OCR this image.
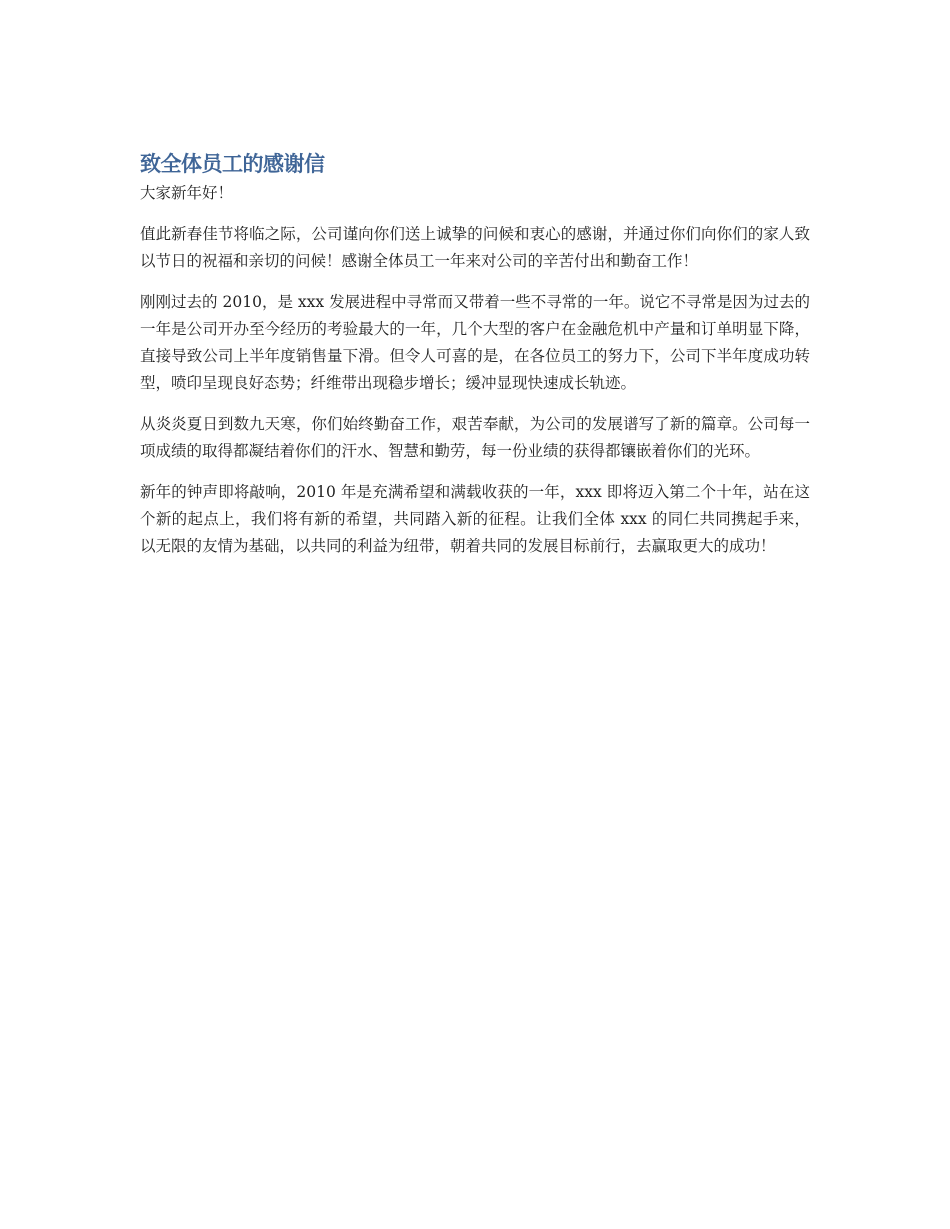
致全体员工的感谢信

大家新年好！

值此新春佳节将临之际，公司谨向你们送上诚挚的问候和衷心的感谢，并通过你们向你们的家人致以节日的祝福和亲切的问候！感谢全体员工一年来对公司的辛苦付出和勤奋工作！

刚刚过去的 2010，是 xxx 发展进程中寻常而又带着一些不寻常的一年。说它不寻常是因为过去的一年是公司开办至今经历的考验最大的一年，几个大型的客户在金融危机中产量和订单明显下降，直接导致公司上半年度销售量下滑。但令人可喜的是，在各位员工的努力下，公司下半年度成功转型，喷印呈现良好态势；纤维带出现稳步增长；缓冲显现快速成长轨迹。

从炎炎夏日到数九天寒，你们始终勤奋工作，艰苦奉献，为公司的发展谱写了新的篇章。公司每一项成绩的取得都凝结着你们的汗水、智慧和勤劳，每一份业绩的获得都镶嵌着你们的光环。

新年的钟声即将敲响，2010 年是充满希望和满载收获的一年，xxx 即将迈入第二个十年，站在这个新的起点上，我们将有新的希望，共同踏入新的征程。让我们全体 xxx 的同仁共同携起手来，以无限的友情为基础，以共同的利益为纽带，朝着共同的发展目标前行，去赢取更大的成功！
